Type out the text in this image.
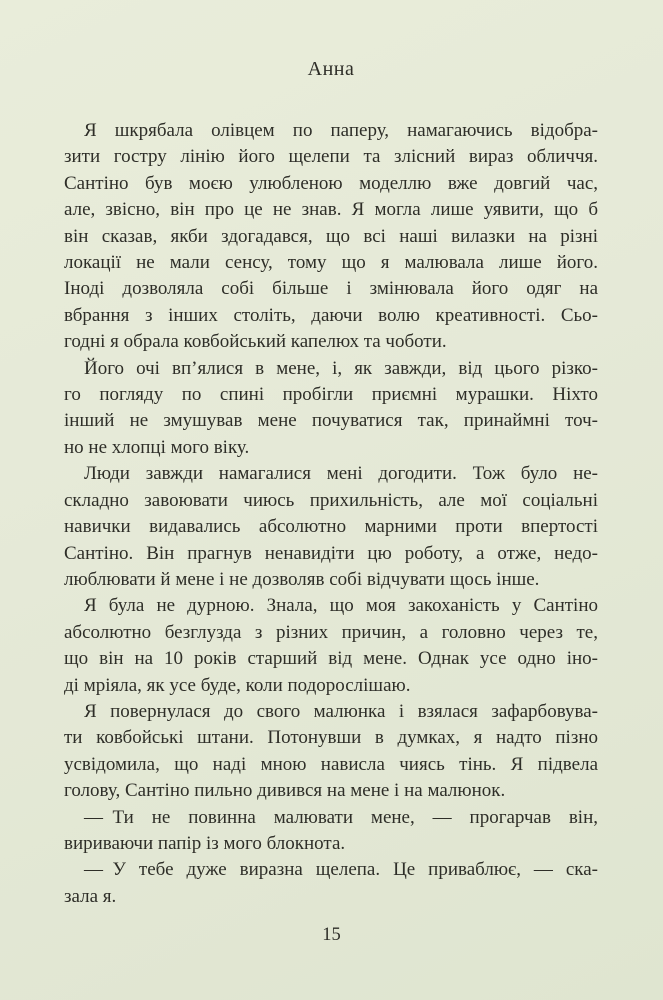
Анна
Я шкрябала олівцем по паперу, намагаючись відобра-
зити гостру лінію його щелепи та злісний вираз обличчя.
Сантіно був моєю улюбленою моделлю вже довгий час,
але, звісно, він про це не знав. Я могла лише уявити, що б
він сказав, якби здогадався, що всі наші вилазки на різні
локації не мали сенсу, тому що я малювала лише його.
Іноді дозволяла собі більше і змінювала його одяг на
вбрання з інших століть, даючи волю креативності. Сьо-
годні я обрала ковбойський капелюх та чоботи.
Його очі вп’ялися в мене, і, як завжди, від цього різко-
го погляду по спині пробігли приємні мурашки. Ніхто
інший не змушував мене почуватися так, принаймні точ-
но не хлопці мого віку.
Люди завжди намагалися мені догодити. Тож було не-
складно завоювати чиюсь прихильність, але мої соціальні
навички видавались абсолютно марними проти впертості
Сантіно. Він прагнув ненавидіти цю роботу, а отже, недо-
люблювати й мене і не дозволяв собі відчувати щось інше.
Я була не дурною. Знала, що моя закоханість у Сантіно
абсолютно безглузда з різних причин, а головно через те,
що він на 10 років старший від мене. Однак усе одно іно-
ді мріяла, як усе буде, коли подорослішаю.
Я повернулася до свого малюнка і взялася зафарбовува-
ти ковбойські штани. Потонувши в думках, я надто пізно
усвідомила, що наді мною нависла чиясь тінь. Я підвела
голову, Сантіно пильно дивився на мене і на малюнок.
— Ти не повинна малювати мене, — прогарчав він,
вириваючи папір із мого блокнота.
— У тебе дуже виразна щелепа. Це приваблює, — ска-
зала я.
15
